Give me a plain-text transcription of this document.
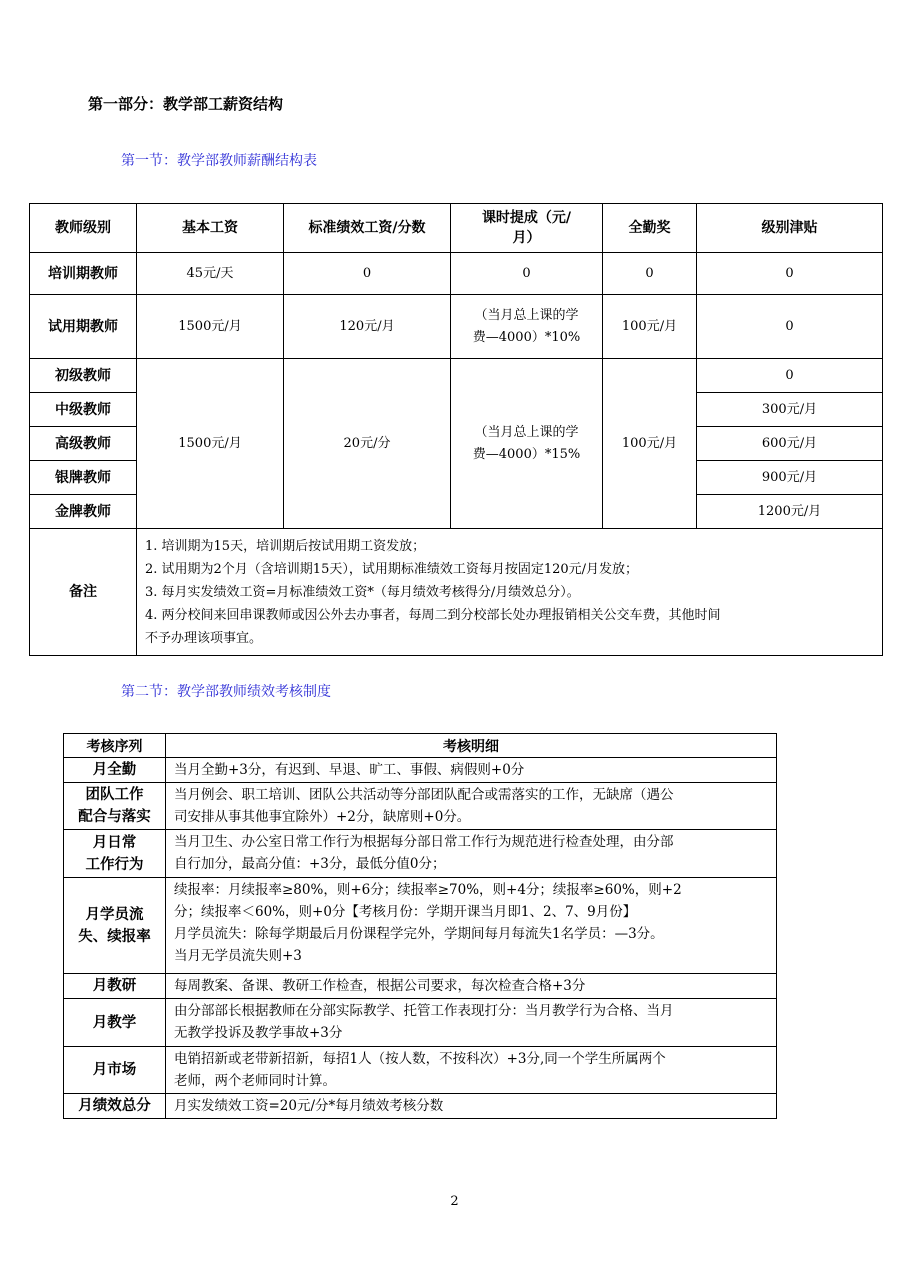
第一部分：教学部工薪资结构
第一节：教学部教师薪酬结构表
教师级别	基本工资	标准绩效工资/分数	课时提成（元/
月）	全勤奖	级别津贴
培训期教师	45元/天	0	0	0	0
试用期教师	1500元/月	120元/月	（当月总上课的学
费—4000）*10%	100元/月	0
初级教师	1500元/月	20元/分	（当月总上课的学
费—4000）*15%	100元/月	0
中级教师					300元/月
高级教师					600元/月
银牌教师					900元/月
金牌教师					1200元/月
备注	1. 培训期为15天，培训期后按试用期工资发放；
2. 试用期为2个月（含培训期15天），试用期标准绩效工资每月按固定120元/月发放；
3. 每月实发绩效工资=月标准绩效工资*（每月绩效考核得分/月绩效总分）。
4. 两分校间来回串课教师或因公外去办事者，每周二到分校部长处办理报销相关公交车费，其他时间
不予办理该项事宜。				
第二节：教学部教师绩效考核制度
考核序列	考核明细

月全勤	当月全勤+3分，有迟到、早退、旷工、事假、病假则+0分

团队工作
配合与落实	当月例会、职工培训、团队公共活动等分部团队配合或需落实的工作，无缺席（遇公
司安排从事其他事宜除外）+2分，缺席则+0分。

月日常
工作行为	当月卫生、办公室日常工作行为根据每分部日常工作行为规范进行检查处理，由分部
自行加分，最高分值：+3分，最低分值0分；

月学员流
失、续报率	续报率：月续报率≥80%，则+6分；续报率≥70%，则+4分；续报率≥60%，则+2
分；续报率＜60%，则+0分【考核月份：学期开课当月即1、2、7、9月份】
月学员流失：除每学期最后月份课程学完外，学期间每月每流失1名学员：—3分。
当月无学员流失则+3

月教研	每周教案、备课、教研工作检查，根据公司要求，每次检查合格+3分

月教学	由分部部长根据教师在分部实际教学、托管工作表现打分：当月教学行为合格、当月
无教学投诉及教学事故+3分

月市场	电销招新或老带新招新，每招1人（按人数，不按科次）+3分,同一个学生所属两个
老师，两个老师同时计算。

月绩效总分	月实发绩效工资=20元/分*每月绩效考核分数
2
